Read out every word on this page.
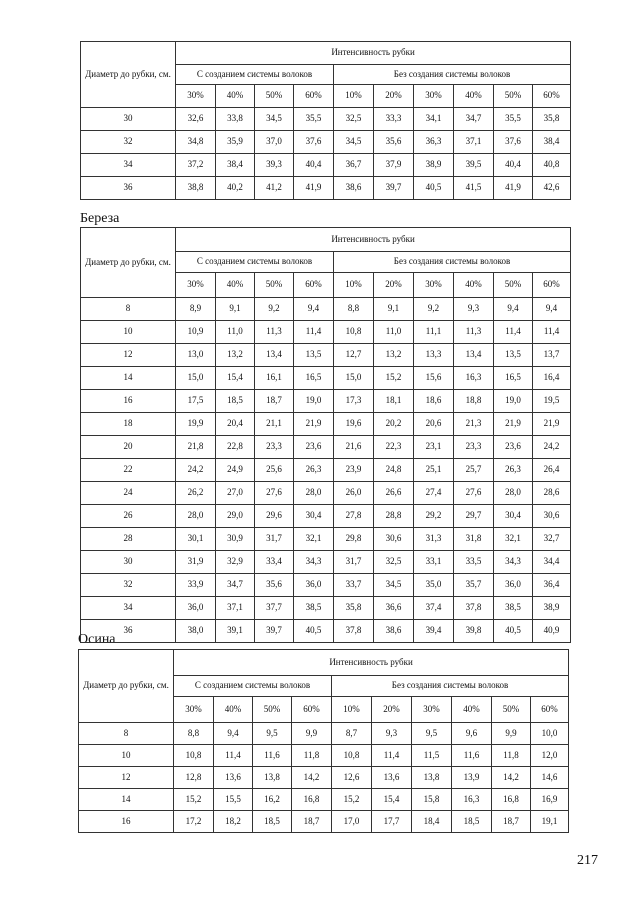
Береза
Осина
Диаметр до рубки, см.	Интенсивность рубки									
	С созданием системы волоков				Без создания системы волоков					
	30%	40%	50%	60%	10%	20%	30%	40%	50%	60%
30	32,6	33,8	34,5	35,5	32,5	33,3	34,1	34,7	35,5	35,8
32	34,8	35,9	37,0	37,6	34,5	35,6	36,3	37,1	37,6	38,4
34	37,2	38,4	39,3	40,4	36,7	37,9	38,9	39,5	40,4	40,8
36	38,8	40,2	41,2	41,9	38,6	39,7	40,5	41,5	41,9	42,6
Диаметр до рубки, см.	Интенсивность рубки									
	С созданием системы волоков				Без создания системы волоков					
	30%	40%	50%	60%	10%	20%	30%	40%	50%	60%
8	8,9	9,1	9,2	9,4	8,8	9,1	9,2	9,3	9,4	9,4
10	10,9	11,0	11,3	11,4	10,8	11,0	11,1	11,3	11,4	11,4
12	13,0	13,2	13,4	13,5	12,7	13,2	13,3	13,4	13,5	13,7
14	15,0	15,4	16,1	16,5	15,0	15,2	15,6	16,3	16,5	16,4
16	17,5	18,5	18,7	19,0	17,3	18,1	18,6	18,8	19,0	19,5
18	19,9	20,4	21,1	21,9	19,6	20,2	20,6	21,3	21,9	21,9
20	21,8	22,8	23,3	23,6	21,6	22,3	23,1	23,3	23,6	24,2
22	24,2	24,9	25,6	26,3	23,9	24,8	25,1	25,7	26,3	26,4
24	26,2	27,0	27,6	28,0	26,0	26,6	27,4	27,6	28,0	28,6
26	28,0	29,0	29,6	30,4	27,8	28,8	29,2	29,7	30,4	30,6
28	30,1	30,9	31,7	32,1	29,8	30,6	31,3	31,8	32,1	32,7
30	31,9	32,9	33,4	34,3	31,7	32,5	33,1	33,5	34,3	34,4
32	33,9	34,7	35,6	36,0	33,7	34,5	35,0	35,7	36,0	36,4
34	36,0	37,1	37,7	38,5	35,8	36,6	37,4	37,8	38,5	38,9
36	38,0	39,1	39,7	40,5	37,8	38,6	39,4	39,8	40,5	40,9
Диаметр до рубки, см.	Интенсивность рубки									
	С созданием системы волоков				Без создания системы волоков					
	30%	40%	50%	60%	10%	20%	30%	40%	50%	60%
8	8,8	9,4	9,5	9,9	8,7	9,3	9,5	9,6	9,9	10,0
10	10,8	11,4	11,6	11,8	10,8	11,4	11,5	11,6	11,8	12,0
12	12,8	13,6	13,8	14,2	12,6	13,6	13,8	13,9	14,2	14,6
14	15,2	15,5	16,2	16,8	15,2	15,4	15,8	16,3	16,8	16,9
16	17,2	18,2	18,5	18,7	17,0	17,7	18,4	18,5	18,7	19,1
217
